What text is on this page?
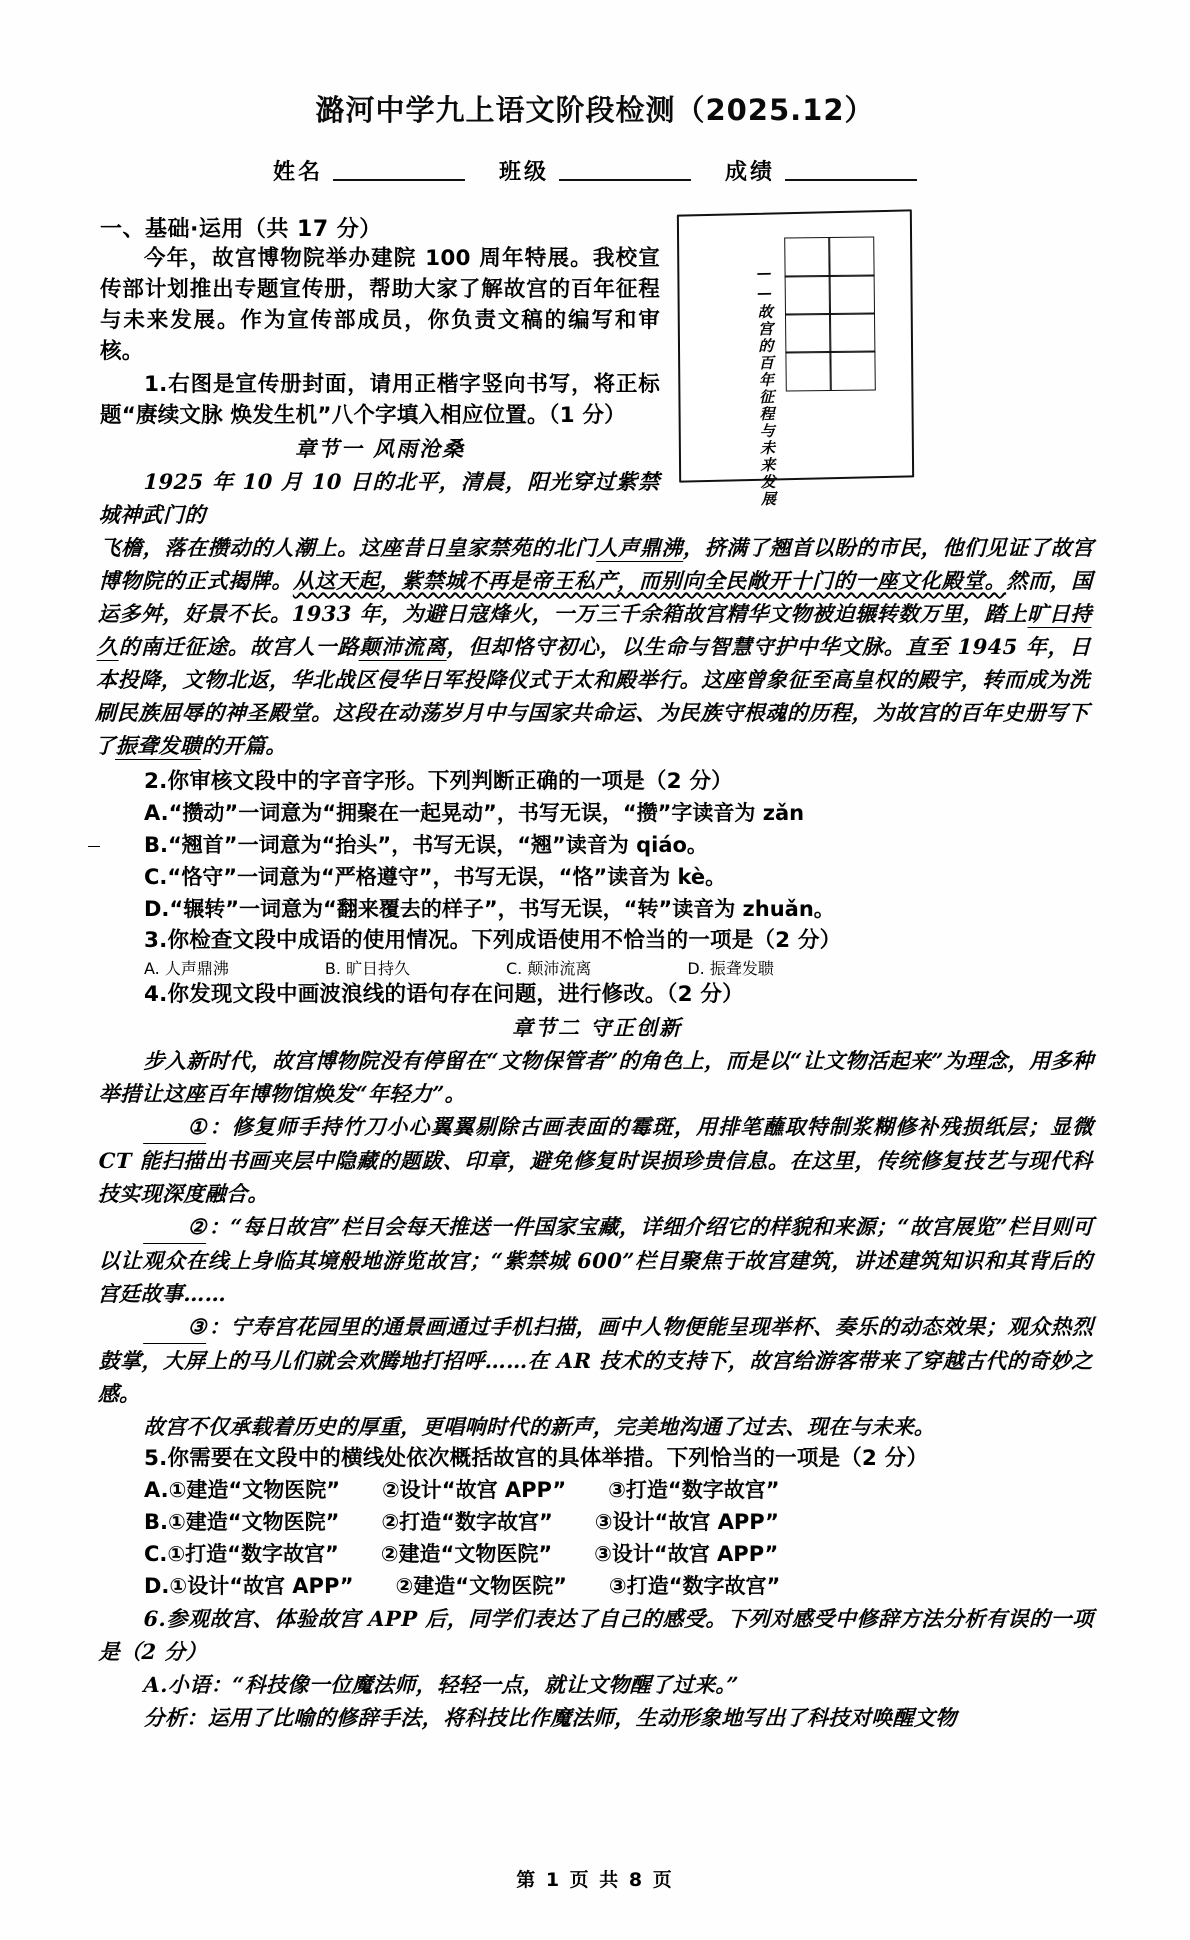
潞河中学九上语文阶段检测（2025.12）
姓名	班级	成绩
——故宫的百年征程与未来发展

一、基础·运用（共 17 分）

今年，故宫博物院举办建院 100 周年特展。我校宣传部计划推出专题宣传册，帮助大家了解故宫的百年征程与未来发展。作为宣传部成员，你负责文稿的编写和审核。

1.右图是宣传册封面，请用正楷字竖向书写，将正标题“赓续文脉 焕发生机”八个字填入相应位置。（1 分）

章节一 风雨沧桑

1925 年 10 月 10 日的北平，清晨，阳光穿过紫禁城神武门的

飞檐，落在攒动的人潮上。这座昔日皇家禁苑的北门人声鼎沸，挤满了翘首以盼的市民，他们见证了故宫博物院的正式揭牌。从这天起，紫禁城不再是帝王私产，而别向全民敞开十门的一座文化殿堂。然而，国运多舛，好景不长。1933 年，为避日寇烽火，一万三千余箱故宫精华文物被迫辗转数万里，踏上旷日持久的南迁征途。故宫人一路颠沛流离，但却恪守初心，以生命与智慧守护中华文脉。直至 1945 年，日本投降，文物北返，华北战区侵华日军投降仪式于太和殿举行。这座曾象征至高皇权的殿宇，转而成为洗刷民族屈辱的神圣殿堂。这段在动荡岁月中与国家共命运、为民族守根魂的历程，为故宫的百年史册写下了振聋发聩的开篇。

2.你审核文段中的字音字形。下列判断正确的一项是（2 分）

A.“攒动”一词意为“拥聚在一起晃动”，书写无误，“攒”字读音为 zǎn

B.“翘首”一词意为“抬头”，书写无误，“翘”读音为 qiáo。

C.“恪守”一词意为“严格遵守”，书写无误，“恪”读音为 kè。

D.“辗转”一词意为“翻来覆去的样子”，书写无误，“转”读音为 zhuǎn。

3.你检查文段中成语的使用情况。下列成语使用不恰当的一项是（2 分）

A. 人声鼎沸	B. 旷日持久	C. 颠沛流离	D. 振聋发聩

4.你发现文段中画波浪线的语句存在问题，进行修改。（2 分）

章节二 守正创新

步入新时代，故宫博物院没有停留在“文物保管者”的角色上，而是以“让文物活起来”为理念，用多种举措让这座百年博物馆焕发“年轻力”。

①：修复师手持竹刀小心翼翼剔除古画表面的霉斑，用排笔蘸取特制浆糊修补残损纸层；显微 CT 能扫描出书画夹层中隐藏的题跋、印章，避免修复时误损珍贵信息。在这里，传统修复技艺与现代科技实现深度融合。

②：“每日故宫”栏目会每天推送一件国家宝藏，详细介绍它的样貌和来源；“故宫展览”栏目则可以让观众在线上身临其境般地游览故宫；“紫禁城 600”栏目聚焦于故宫建筑，讲述建筑知识和其背后的宫廷故事……

③：宁寿宫花园里的通景画通过手机扫描，画中人物便能呈现举杯、奏乐的动态效果；观众热烈鼓掌，大屏上的马儿们就会欢腾地打招呼……在 AR 技术的支持下，故宫给游客带来了穿越古代的奇妙之感。

故宫不仅承载着历史的厚重，更唱响时代的新声，完美地沟通了过去、现在与未来。

5.你需要在文段中的横线处依次概括故宫的具体举措。下列恰当的一项是（2 分）

A.①建造“文物医院”　　②设计“故宫 APP”　　③打造“数字故宫”

B.①建造“文物医院”　　②打造“数字故宫”　　③设计“故宫 APP”

C.①打造“数字故宫”　　②建造“文物医院”　　③设计“故宫 APP”

D.①设计“故宫 APP”　　②建造“文物医院”　　③打造“数字故宫”

6.参观故宫、体验故宫 APP 后，同学们表达了自己的感受。下列对感受中修辞方法分析有误的一项是（2 分）

A.小语：“科技像一位魔法师，轻轻一点，就让文物醒了过来。”

分析：运用了比喻的修辞手法，将科技比作魔法师，生动形象地写出了科技对唤醒文物

第 1 页 共 8 页
